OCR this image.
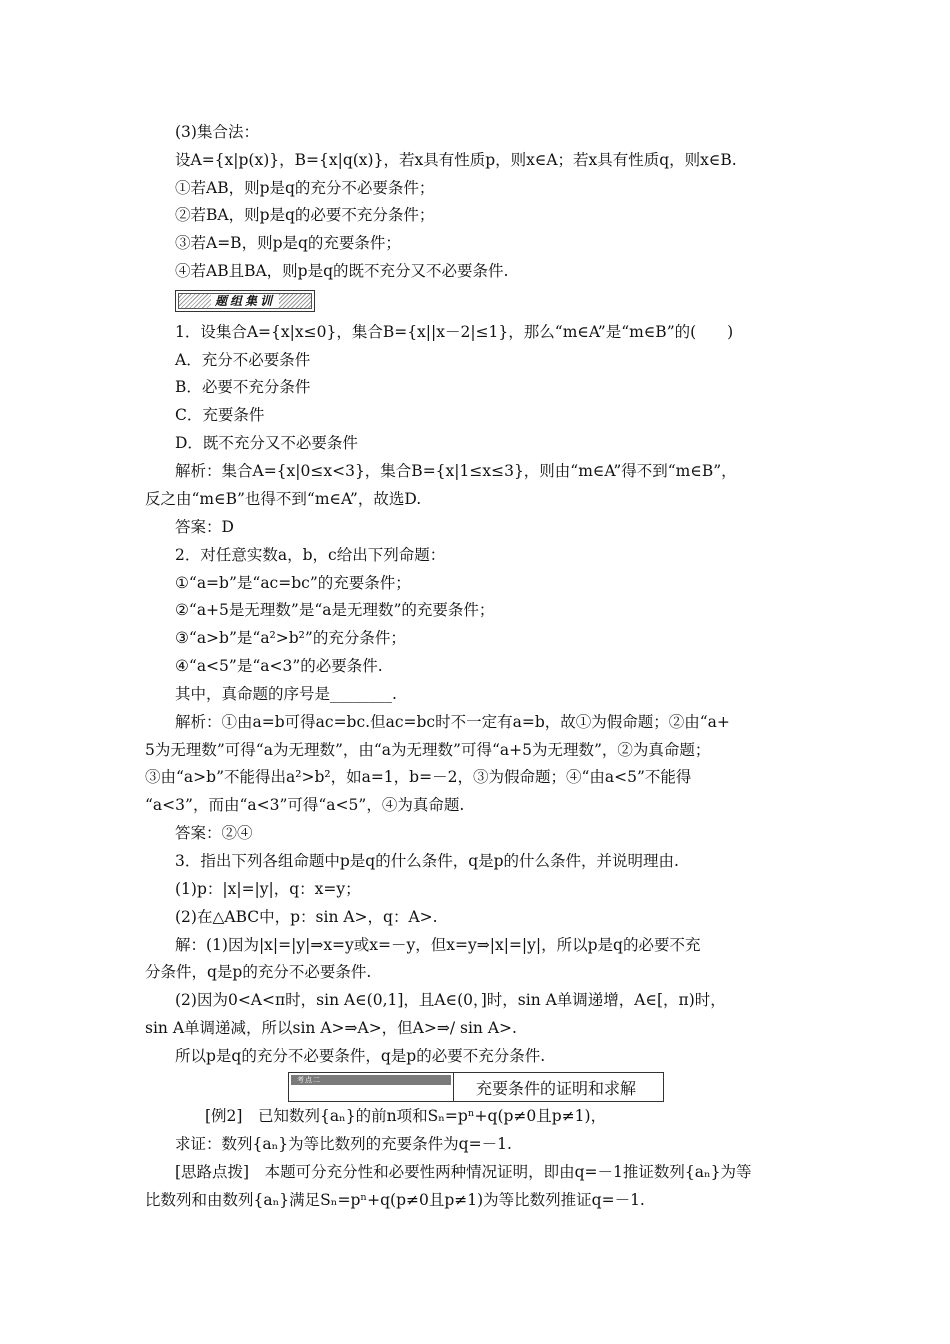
(3)集合法：
设A={x|p(x)}，B={x|q(x)}，若x具有性质p，则x∈A；若x具有性质q，则x∈B.
①若AB，则p是q的充分不必要条件；
②若BA，则p是q的必要不充分条件；
③若A=B，则p是q的充要条件；
④若AB且BA，则p是q的既不充分又不必要条件.
题组集训
1．设集合A={x|x≤0}，集合B={x||x－2|≤1}，那么“m∈A”是“m∈B”的(　　)
A．充分不必要条件
B．必要不充分条件
C．充要条件
D．既不充分又不必要条件
解析：集合A={x|0≤x<3}，集合B={x|1≤x≤3}，则由“m∈A”得不到“m∈B”，
反之由“m∈B”也得不到“m∈A”，故选D.
答案：D
2．对任意实数a，b，c给出下列命题：
①“a=b”是“ac=bc”的充要条件；
②“a+5是无理数”是“a是无理数”的充要条件；
③“a>b”是“a²>b²”的充分条件；
④“a<5”是“a<3”的必要条件.
其中，真命题的序号是________.
解析：①由a=b可得ac=bc.但ac=bc时不一定有a=b，故①为假命题；②由“a+
5为无理数”可得“a为无理数”，由“a为无理数”可得“a+5为无理数”，②为真命题；
③由“a>b”不能得出a²>b²，如a=1，b=－2，③为假命题；④“由a<5”不能得
“a<3”，而由“a<3”可得“a<5”，④为真命题.
答案：②④
3．指出下列各组命题中p是q的什么条件，q是p的什么条件，并说明理由.
(1)p：|x|=|y|，q：x=y；
(2)在△ABC中，p：sin A>，q：A>.
解：(1)因为|x|=|y|⇒x=y或x=－y，但x=y⇒|x|=|y|，所以p是q的必要不充
分条件，q是p的充分不必要条件.
(2)因为0<A<π时，sin A∈(0,1]，且A∈(0，]时，sin A单调递增，A∈[，π)时，
sin A单调递减，所以sin A>⇒A>，但A>⇒/ sin A>.
所以p是q的充分不必要条件，q是p的必要不充分条件.
考点二	充要条件的证明和求解
[例2]　已知数列{aₙ}的前n项和Sₙ=pⁿ+q(p≠0且p≠1)，
求证：数列{aₙ}为等比数列的充要条件为q=－1.
[思路点拨]　本题可分充分性和必要性两种情况证明，即由q=－1推证数列{aₙ}为等
比数列和由数列{aₙ}满足Sₙ=pⁿ+q(p≠0且p≠1)为等比数列推证q=－1.
